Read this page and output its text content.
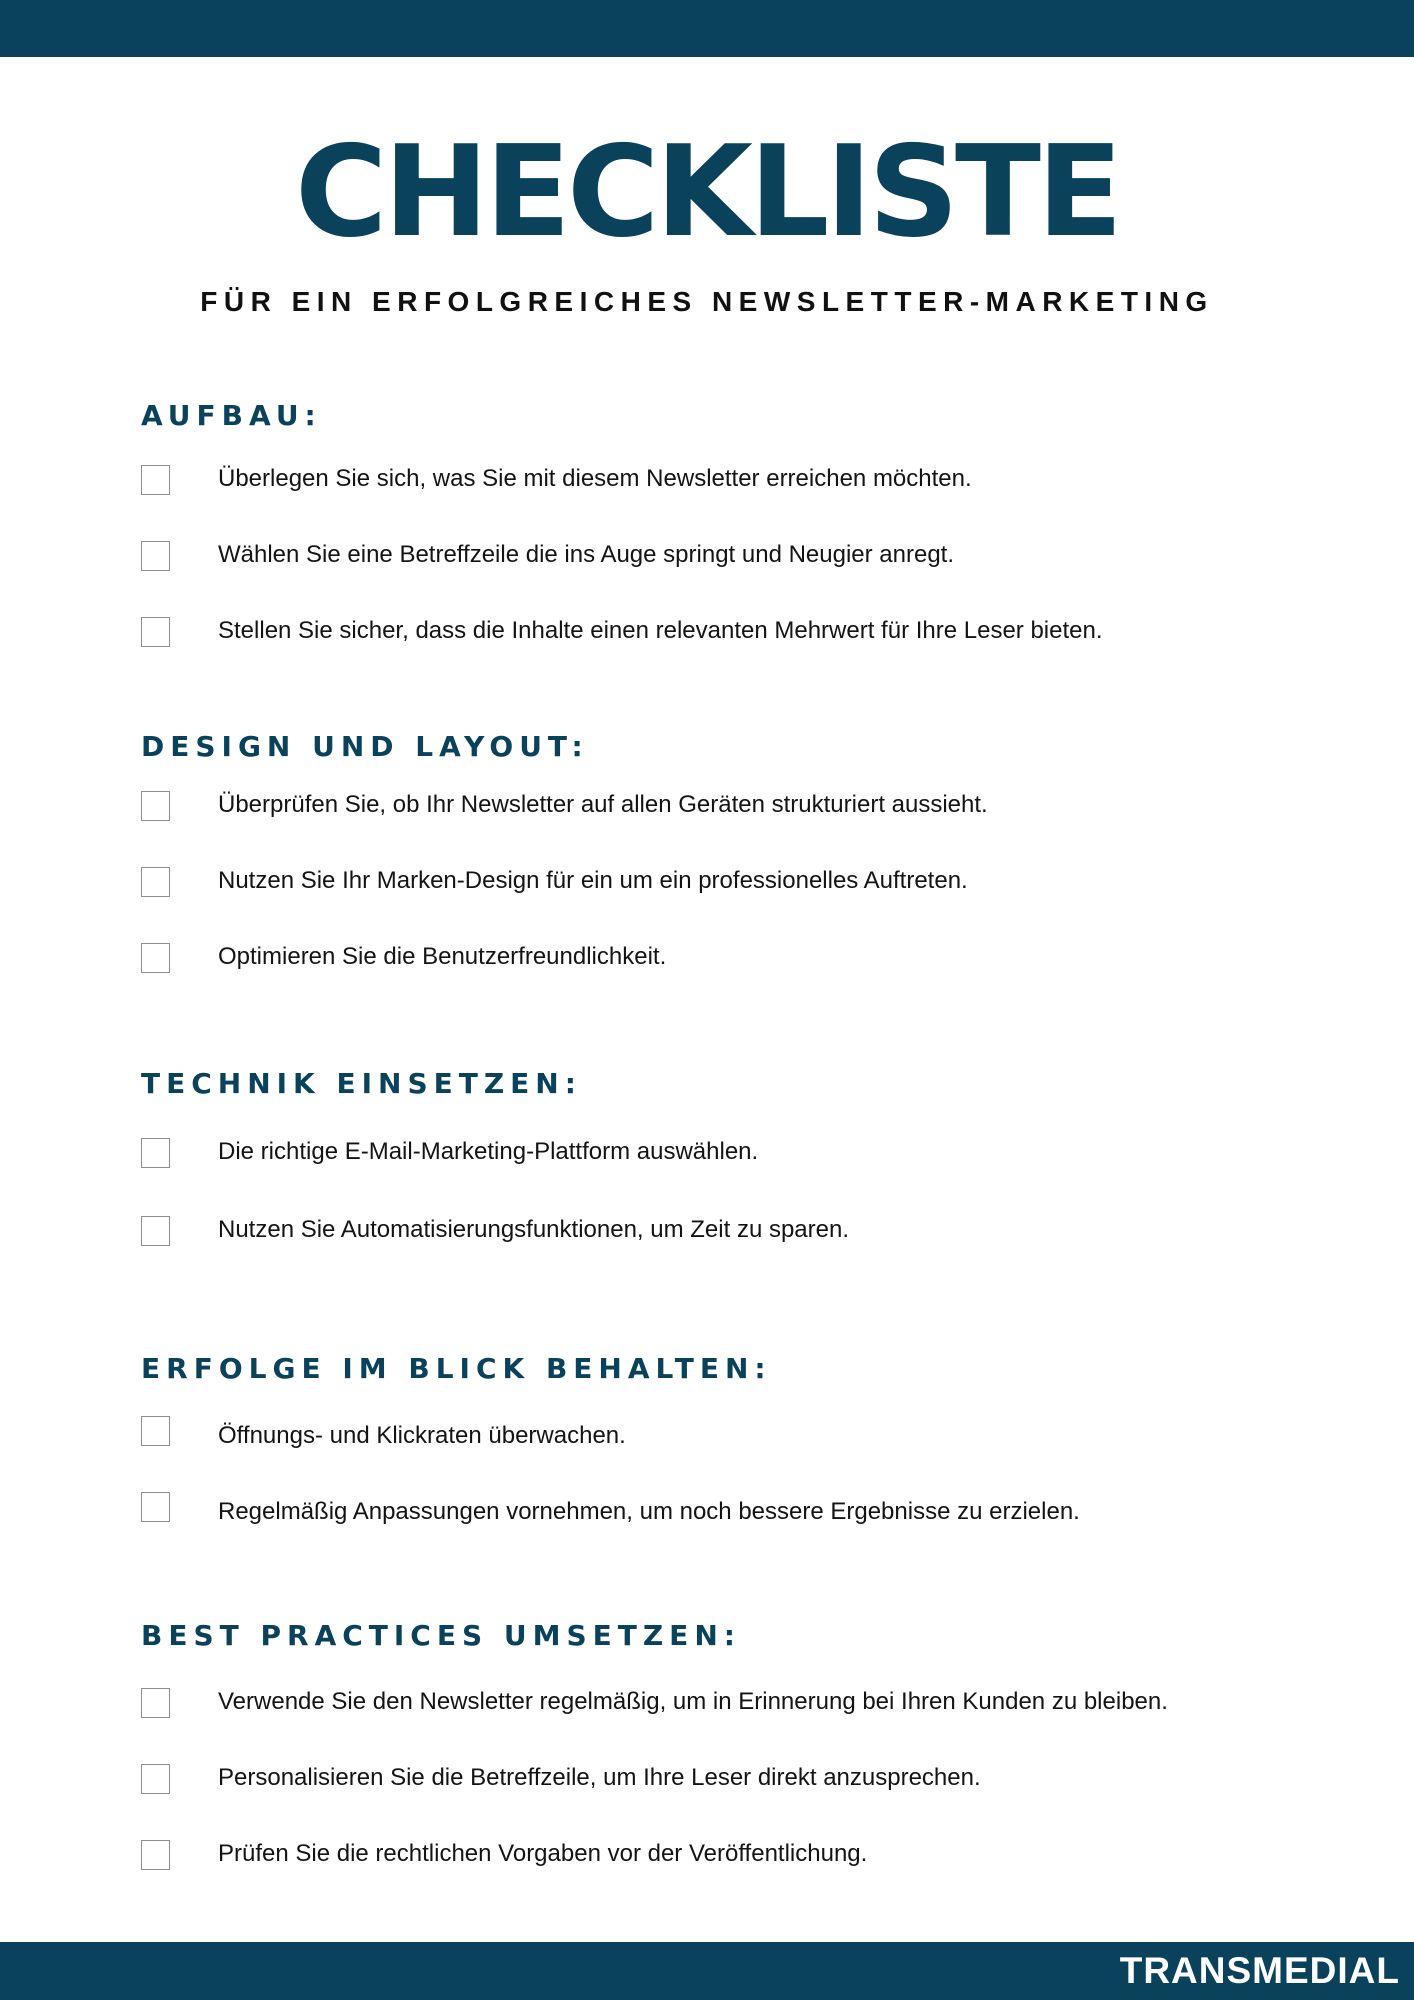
CHECKLISTE

FÜR EIN ERFOLGREICHES NEWSLETTER-MARKETING

AUFBAU:
Überlegen Sie sich, was Sie mit diesem Newsletter erreichen möchten.
Wählen Sie eine Betreffzeile die ins Auge springt und Neugier anregt.
Stellen Sie sicher, dass die Inhalte einen relevanten Mehrwert für Ihre Leser bieten.
DESIGN UND LAYOUT:
Überprüfen Sie, ob Ihr Newsletter auf allen Geräten strukturiert aussieht.
Nutzen Sie Ihr Marken-Design für ein um ein professionelles Auftreten.
Optimieren Sie die Benutzerfreundlichkeit.
TECHNIK EINSETZEN:
Die richtige E-Mail-Marketing-Plattform auswählen.
Nutzen Sie Automatisierungsfunktionen, um Zeit zu sparen.
ERFOLGE IM BLICK BEHALTEN:
Öffnungs- und Klickraten überwachen.
Regelmäßig Anpassungen vornehmen, um noch bessere Ergebnisse zu erzielen.
BEST PRACTICES UMSETZEN:
Verwende Sie den Newsletter regelmäßig, um in Erinnerung bei Ihren Kunden zu bleiben.
Personalisieren Sie die Betreffzeile, um Ihre Leser direkt anzusprechen.
Prüfen Sie die rechtlichen Vorgaben vor der Veröffentlichung.
TRANSMEDIAL
